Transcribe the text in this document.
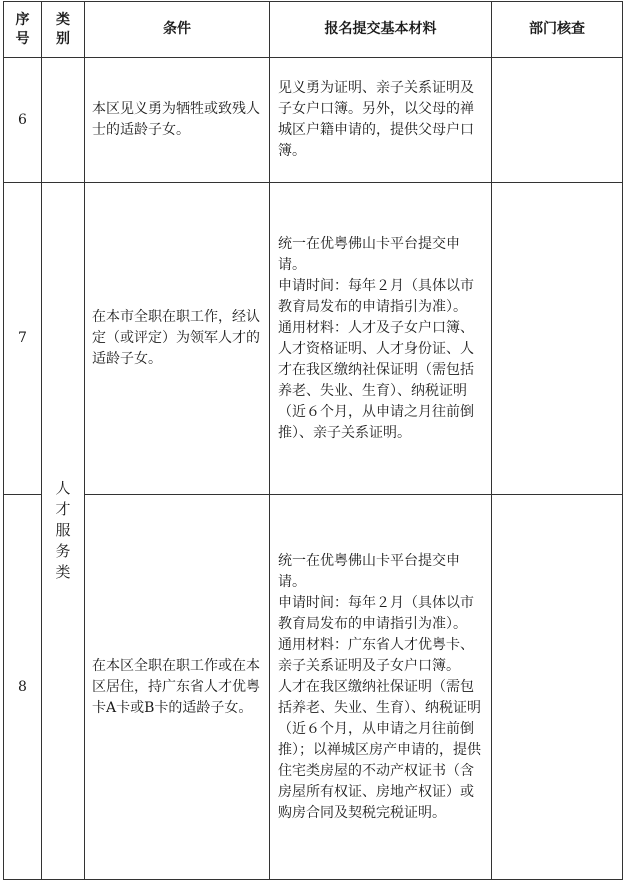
序
号	类
别	条件	报名提交基本材料	部门核查
6		本区见义勇为牺牲或致残人士的适龄子女。	见义勇为证明、亲子关系证明及子女户口簿。另外，以父母的禅城区户籍申请的，提供父母户口簿。	

7	人才服务类	在本市全职在职工作，经认定（或评定）为领军人才的适龄子女。	统一在优粤佛山卡平台提交申请。
申请时间：每年２月（具体以市教育局发布的申请指引为准）。
通用材料：人才及子女户口簿、人才资格证明、人才身份证、人才在我区缴纳社保证明（需包括养老、失业、生育）、纳税证明（近６个月，从申请之月往前倒推）、亲子关系证明。	

8		在本区全职在职工作或在本区居住，持广东省人才优粤卡A卡或B卡的适龄子女。	统一在优粤佛山卡平台提交申请。
申请时间：每年２月（具体以市教育局发布的申请指引为准）。
通用材料：广东省人才优粤卡、亲子关系证明及子女户口簿。
人才在我区缴纳社保证明（需包括养老、失业、生育）、纳税证明（近６个月，从申请之月往前倒推）；以禅城区房产申请的，提供住宅类房屋的不动产权证书（含房屋所有权证、房地产权证）或购房合同及契税完税证明。	
